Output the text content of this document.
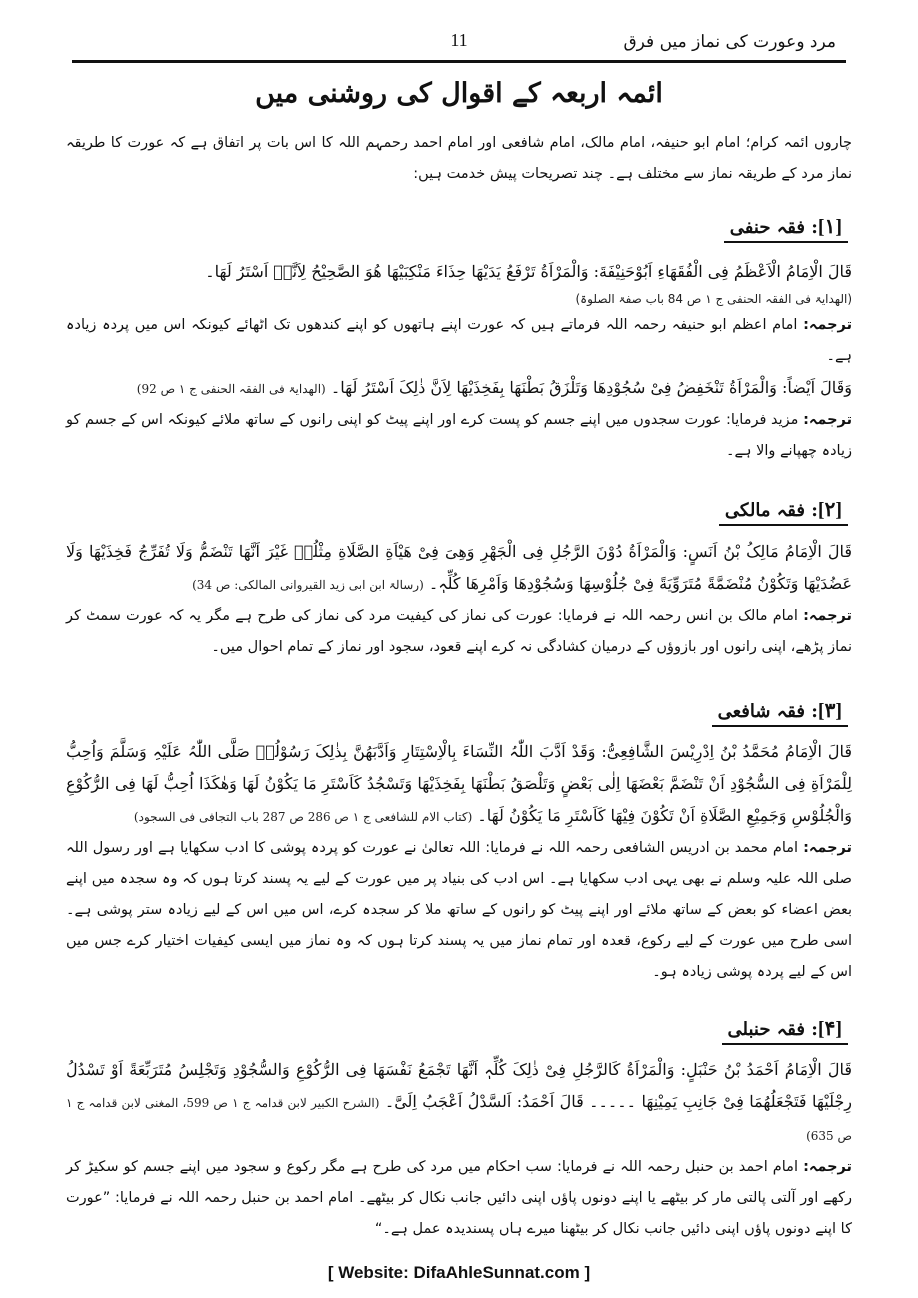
مرد وعورت کی نماز میں فرق
11
ائمہ اربعہ کے اقوال کی روشنی میں
چاروں ائمہ کرام؛ امام ابو حنیفہ، امام مالک، امام شافعی اور امام احمد رحمہم اللہ کا اس بات پر اتفاق ہے کہ عورت کا طریقہ نماز مرد کے طریقہ نماز سے مختلف ہے۔ چند تصریحات پیش خدمت ہیں:
[۱]: فقہ حنفی
قَالَ الْاِمَامُ الْاَعْظَمُ فِی الْفُقَھَاءِ اَبُوْحَنِیْفَةَ: وَالْمَرْاَةُ تَرْفَعُ یَدَیْھَا حِذَاءَ مَنْکِبَیْھَا ھُوَ الصَّحِیْحُ لِاَنَّہٗ اَسْتَرُ لَھَا۔
(الھدایۃ فی الفقہ الحنفی ج ۱ ص 84 باب صفۃ الصلوۃ)
ترجمہ: امام اعظم ابو حنیفہ رحمہ اللہ فرماتے ہیں کہ عورت اپنے ہاتھوں کو اپنے کندھوں تک اٹھائے کیونکہ اس میں پردہ زیادہ ہے۔
وَقَالَ اَیْضاً: وَالْمَرْاَةُ تَنْخَفِضُ فِیْ سُجُوْدِھَا وَتَلْزَقُ بَطْنَھَا بِفَخِذَیْھَا لِاَنَّ ذٰلِکَ اَسْتَرُ لَھَا۔ (الھدایۃ فی الفقہ الحنفی ج ۱ ص 92)
ترجمہ: مزید فرمایا: عورت سجدوں میں اپنے جسم کو پست کرے اور اپنے پیٹ کو اپنی رانوں کے ساتھ ملائے کیونکہ اس کے جسم کو زیادہ چھپانے والا ہے۔
[۲]: فقہ مالکی
قَالَ الْاِمَامُ مَالِکُ بْنُ اَنَسٍ: وَالْمَرْاَةُ دُوْنَ الرَّجُلِ فِی الْجَھْرِ وَھِیَ فِیْ ھَیْاَةِ الصَّلَاةِ مِثْلُہٗ غَیْرَ اَنَّھَا تَنْضَمُّ وَلَا تُفَرِّجُ فَخِذَیْھَا وَلَا عَضُدَیْھَا وَتَکُوْنُ مُنْضَمَّةً مُتَرَوِّیَةً فِیْ جُلُوْسِھَا وَسُجُوْدِھَا وَاَمْرِھَا کُلِّہٖ۔ (رسالۃ ابن ابی زید القیروانی المالکی: ص 34)
ترجمہ: امام مالک بن انس رحمہ اللہ نے فرمایا: عورت کی نماز کی کیفیت مرد کی نماز کی طرح ہے مگر یہ کہ عورت سمٹ کر نماز پڑھے، اپنی رانوں اور بازوؤں کے درمیان کشادگی نہ کرے اپنے قعود، سجود اور نماز کے تمام احوال میں۔
[۳]: فقہ شافعی
قَالَ الْاِمَامُ مُحَمَّدُ بْنُ اِدْرِیْسَ الشَّافِعِیُّ: وَقَدْ اَدَّبَ اللّٰہُ النِّسَاءَ بِالْاِسْتِتَارِ وَاَدَّبَھُنَّ بِذٰلِکَ رَسُوْلُہٗ صَلَّی اللّٰہُ عَلَیْہِ وَسَلَّمَ وَاُحِبُّ لِلْمَرْاَةِ فِی السُّجُوْدِ اَنْ تَنْضَمَّ بَعْضَھَا اِلٰی بَعْضٍ وَتَلْصَقُ بَطْنَھَا بِفَخِذَیْھَا وَتَسْجُدُ کَاَسْتَرِ مَا یَکُوْنُ لَھَا وَھٰکَذَا اُحِبُّ لَھَا فِی الرُّکُوْعِ وَالْجُلُوْسِ وَجَمِیْعِ الصَّلَاةِ اَنْ تَکُوْنَ فِیْھَا کَاَسْتَرِ مَا یَکُوْنُ لَھَا۔ (کتاب الام للشافعی ج ۱ ص 286 ص 287 باب التجافی فی السجود)
ترجمہ: امام محمد بن ادریس الشافعی رحمہ اللہ نے فرمایا: اللہ تعالیٰ نے عورت کو پردہ پوشی کا ادب سکھایا ہے اور رسول اللہ صلی اللہ علیہ وسلم نے بھی یہی ادب سکھایا ہے۔ اس ادب کی بنیاد پر میں عورت کے لیے یہ پسند کرتا ہوں کہ وہ سجدہ میں اپنے بعض اعضاء کو بعض کے ساتھ ملائے اور اپنے پیٹ کو رانوں کے ساتھ ملا کر سجدہ کرے، اس میں اس کے لیے زیادہ ستر پوشی ہے۔ اسی طرح میں عورت کے لیے رکوع، قعدہ اور تمام نماز میں یہ پسند کرتا ہوں کہ وہ نماز میں ایسی کیفیات اختیار کرے جس میں اس کے لیے پردہ پوشی زیادہ ہو۔
[۴]: فقہ حنبلی
قَالَ الْاِمَامُ اَحْمَدُ بْنُ حَنْبَلٍ: وَالْمَرْاَةُ کَالرَّجُلِ فِیْ ذٰلِکَ کُلِّہٖ اَنَّھَا تَجْمَعُ نَفْسَھَا فِی الرُّکُوْعِ وَالسُّجُوْدِ وَتَجْلِسُ مُتَرَبِّعَةً اَوْ تَسْدُلُ رِجْلَیْھَا فَتَجْعَلُھُمَا فِیْ جَانِبِ یَمِیْنِھَا ۔۔۔۔۔ قَالَ اَحْمَدُ: اَلسَّدْلُ اَعْجَبُ اِلَیَّ۔ (الشرح الکبیر لابن قدامہ ج ۱ ص 599، المغنی لابن قدامہ ج ۱ ص 635)
ترجمہ: امام احمد بن حنبل رحمہ اللہ نے فرمایا: سب احکام میں مرد کی طرح ہے مگر رکوع و سجود میں اپنے جسم کو سکیڑ کر رکھے اور آلتی پالتی مار کر بیٹھے یا اپنے دونوں پاؤں اپنی دائیں جانب نکال کر بیٹھے۔ امام احمد بن حنبل رحمہ اللہ نے فرمایا: ”عورت کا اپنے دونوں پاؤں اپنی دائیں جانب نکال کر بیٹھنا میرے ہاں پسندیدہ عمل ہے۔“
[ Website: DifaAhleSunnat.com ]
